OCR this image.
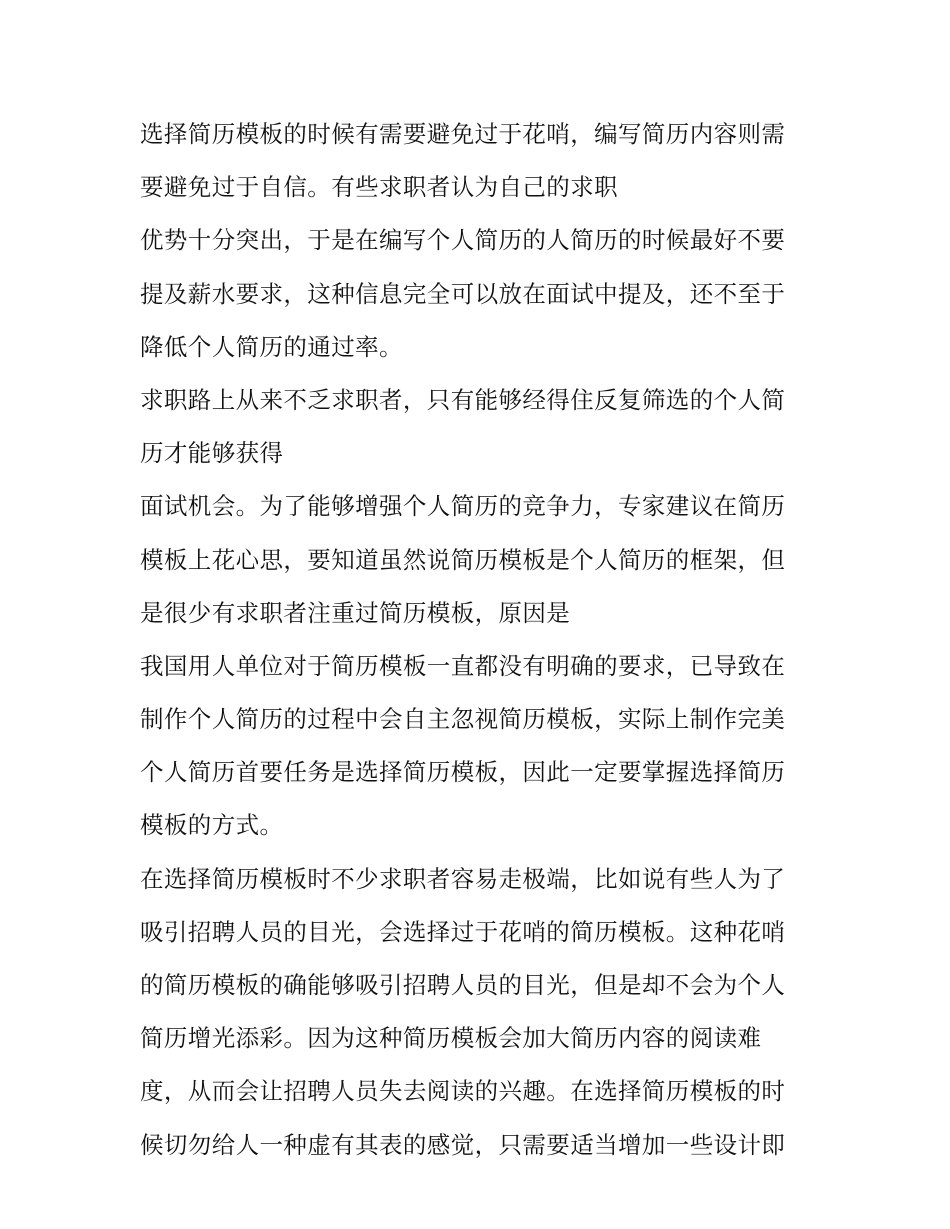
选择简历模板的时候有需要避免过于花哨，编写简历内容则需
要避免过于自信。有些求职者认为自己的求职
优势十分突出，于是在编写个人简历的人简历的时候最好不要
提及薪水要求，这种信息完全可以放在面试中提及，还不至于
降低个人简历的通过率。
求职路上从来不乏求职者，只有能够经得住反复筛选的个人简
历才能够获得
面试机会。为了能够增强个人简历的竞争力，专家建议在简历
模板上花心思，要知道虽然说简历模板是个人简历的框架，但
是很少有求职者注重过简历模板，原因是
我国用人单位对于简历模板一直都没有明确的要求，已导致在
制作个人简历的过程中会自主忽视简历模板，实际上制作完美
个人简历首要任务是选择简历模板，因此一定要掌握选择简历
模板的方式。
在选择简历模板时不少求职者容易走极端，比如说有些人为了
吸引招聘人员的目光，会选择过于花哨的简历模板。这种花哨
的简历模板的确能够吸引招聘人员的目光，但是却不会为个人
简历增光添彩。因为这种简历模板会加大简历内容的阅读难
度，从而会让招聘人员失去阅读的兴趣。在选择简历模板的时
候切勿给人一种虚有其表的感觉，只需要适当增加一些设计即
